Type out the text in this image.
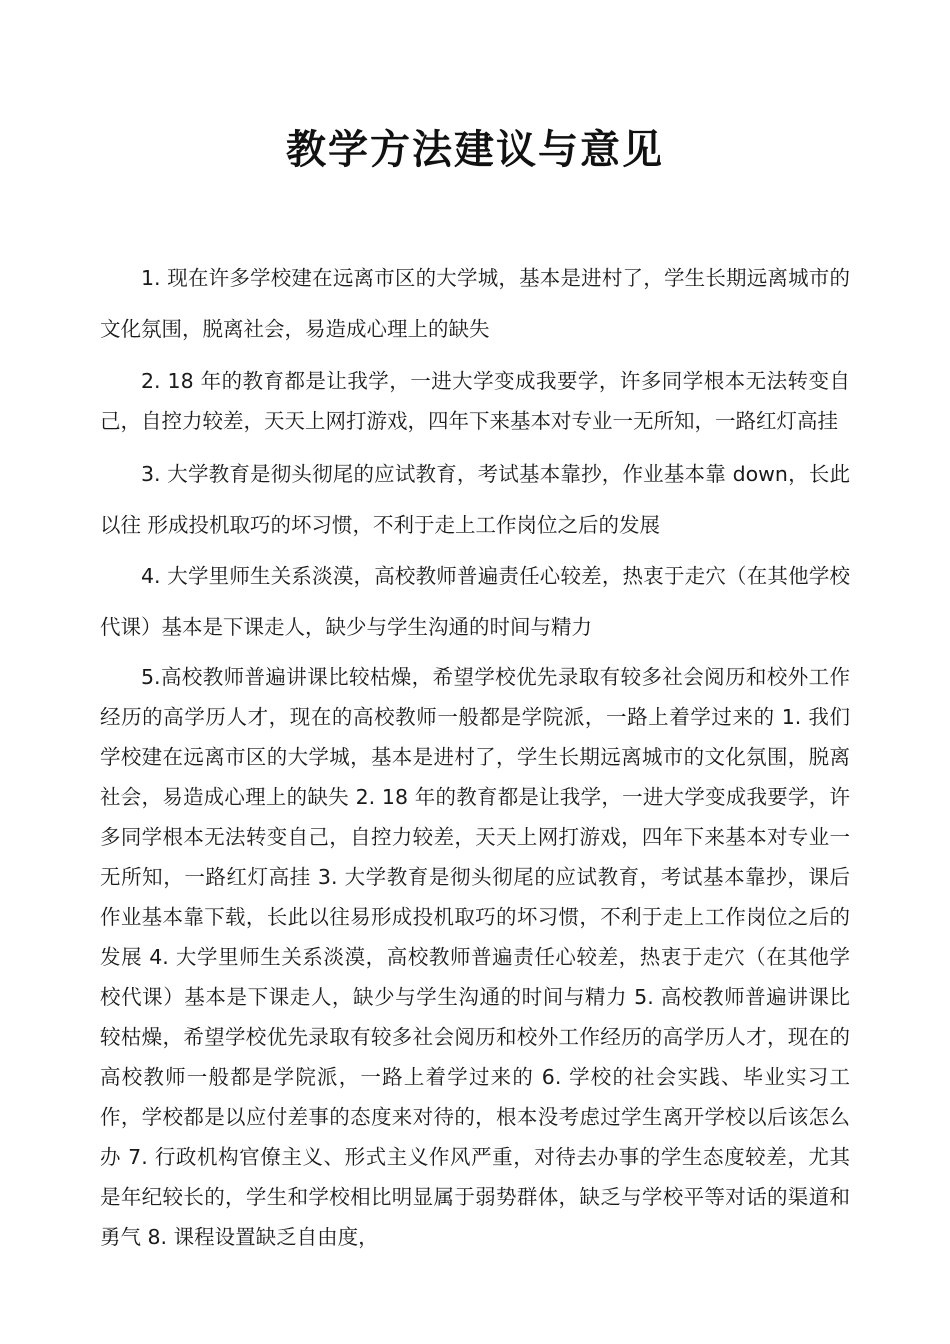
教学方法建议与意见

1. 现在许多学校建在远离市区的大学城，基本是进村了，学生长期远离城市的文化氛围，脱离社会，易造成心理上的缺失

2. 18 年的教育都是让我学，一进大学变成我要学，许多同学根本无法转变自己，自控力较差，天天上网打游戏，四年下来基本对专业一无所知，一路红灯高挂

3. 大学教育是彻头彻尾的应试教育，考试基本靠抄，作业基本靠 down，长此以往 形成投机取巧的坏习惯，不利于走上工作岗位之后的发展

4. 大学里师生关系淡漠，高校教师普遍责任心较差，热衷于走穴（在其他学校代课）基本是下课走人，缺少与学生沟通的时间与精力

5.高校教师普遍讲课比较枯燥，希望学校优先录取有较多社会阅历和校外工作经历的高学历人才，现在的高校教师一般都是学院派，一路上着学过来的 1. 我们学校建在远离市区的大学城，基本是进村了，学生长期远离城市的文化氛围，脱离社会，易造成心理上的缺失 2. 18 年的教育都是让我学，一进大学变成我要学，许多同学根本无法转变自己，自控力较差，天天上网打游戏，四年下来基本对专业一无所知，一路红灯高挂 3. 大学教育是彻头彻尾的应试教育，考试基本靠抄，课后作业基本靠下载，长此以往易形成投机取巧的坏习惯，不利于走上工作岗位之后的发展 4. 大学里师生关系淡漠，高校教师普遍责任心较差，热衷于走穴（在其他学校代课）基本是下课走人，缺少与学生沟通的时间与精力 5. 高校教师普遍讲课比较枯燥，希望学校优先录取有较多社会阅历和校外工作经历的高学历人才，现在的高校教师一般都是学院派，一路上着学过来的 6. 学校的社会实践、毕业实习工作，学校都是以应付差事的态度来对待的，根本没考虑过学生离开学校以后该怎么办 7. 行政机构官僚主义、形式主义作风严重，对待去办事的学生态度较差，尤其是年纪较长的，学生和学校相比明显属于弱势群体，缺乏与学校平等对话的渠道和勇气 8. 课程设置缺乏自由度，
